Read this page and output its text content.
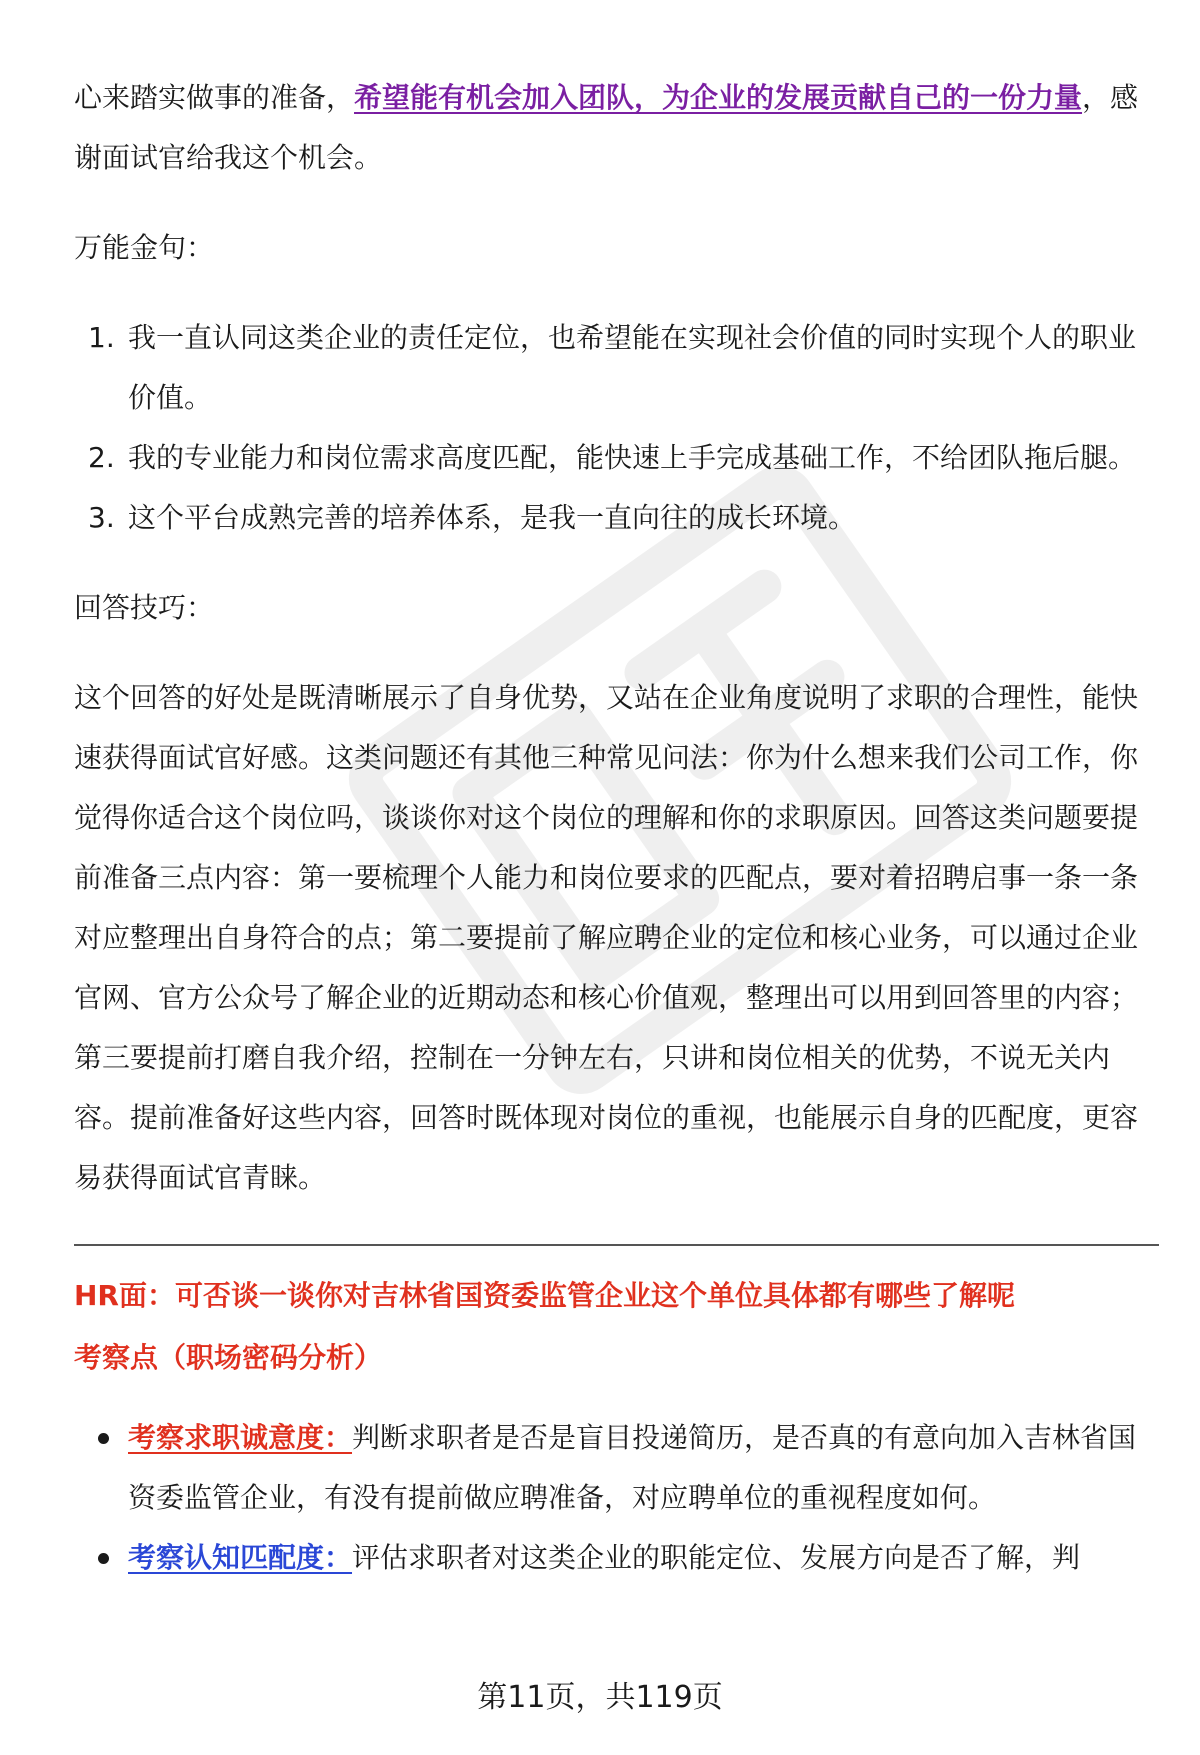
心来踏实做事的准备，希望能有机会加入团队，为企业的发展贡献自己的一份力量，感谢面试官给我这个机会。

万能金句：

1. 我一直认同这类企业的责任定位，也希望能在实现社会价值的同时实现个人的职业价值。
2. 我的专业能力和岗位需求高度匹配，能快速上手完成基础工作，不给团队拖后腿。
3. 这个平台成熟完善的培养体系，是我一直向往的成长环境。

回答技巧：

这个回答的好处是既清晰展示了自身优势，又站在企业角度说明了求职的合理性，能快速获得面试官好感。这类问题还有其他三种常见问法：你为什么想来我们公司工作，你觉得你适合这个岗位吗，谈谈你对这个岗位的理解和你的求职原因。回答这类问题要提前准备三点内容：第一要梳理个人能力和岗位要求的匹配点，要对着招聘启事一条一条对应整理出自身符合的点；第二要提前了解应聘企业的定位和核心业务，可以通过企业官网、官方公众号了解企业的近期动态和核心价值观，整理出可以用到回答里的内容；第三要提前打磨自我介绍，控制在一分钟左右，只讲和岗位相关的优势，不说无关内容。提前准备好这些内容，回答时既体现对岗位的重视，也能展示自身的匹配度，更容易获得面试官青睐。

HR面：可否谈一谈你对吉林省国资委监管企业这个单位具体都有哪些了解呢
考察点（职场密码分析）
考察求职诚意度：判断求职者是否是盲目投递简历，是否真的有意向加入吉林省国资委监管企业，有没有提前做应聘准备，对应聘单位的重视程度如何。
考察认知匹配度：评估求职者对这类企业的职能定位、发展方向是否了解，判
第11页，共119页
